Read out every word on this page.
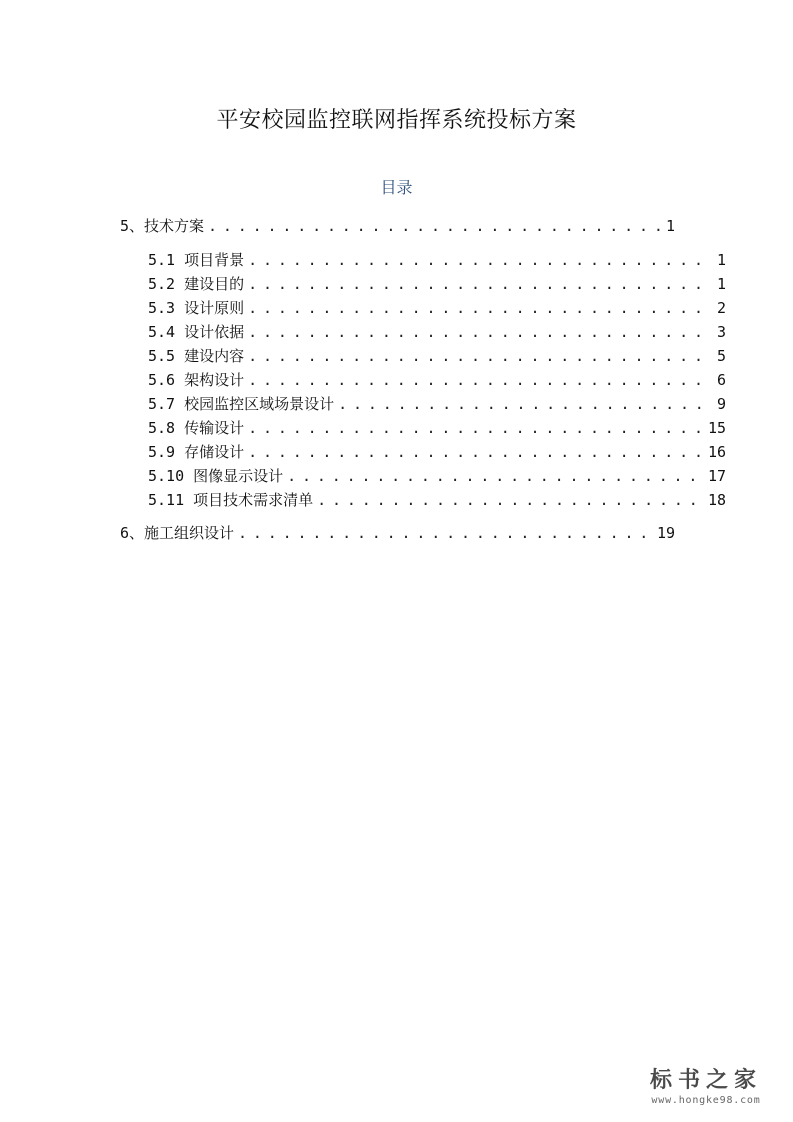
平安校园监控联网指挥系统投标方案
目录
5、技术方案 . . .	1
5.1 项目背景 . . .	1
5.2 建设目的 . . .	1
5.3 设计原则 . . .	2
5.4 设计依据 . . .	3
5.5 建设内容 . . .	5
5.6 架构设计 . . .	6
5.7 校园监控区域场景设计 . . .	9
5.8 传输设计 . . .	15
5.9 存储设计 . . .	16
5.10 图像显示设计 . . .	17
5.11 项目技术需求清单 . . .	18
6、施工组织设计 . . .	19
标书之家
www.hongke98.com
